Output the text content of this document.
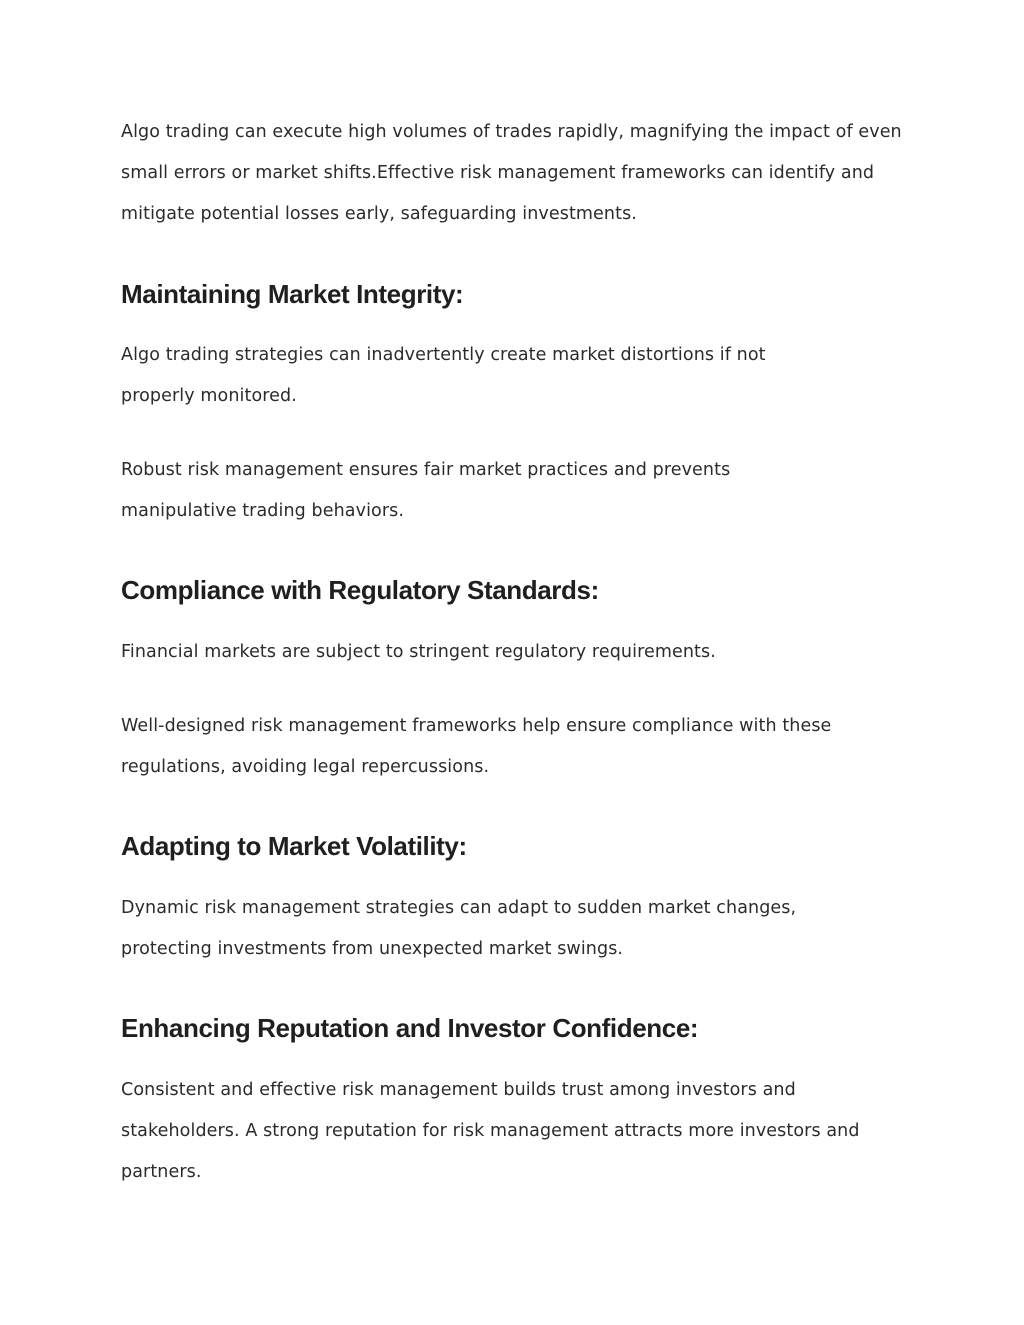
Algo trading can execute high volumes of trades rapidly, magnifying the impact of even small errors or market shifts.Effective risk management frameworks can identify and mitigate potential losses early, safeguarding investments.

Maintaining Market Integrity:

Algo trading strategies can inadvertently create market distortions if not properly monitored.

Robust risk management ensures fair market practices and prevents manipulative trading behaviors.

Compliance with Regulatory Standards:

Financial markets are subject to stringent regulatory requirements.

Well-designed risk management frameworks help ensure compliance with these regulations, avoiding legal repercussions.

Adapting to Market Volatility:

Dynamic risk management strategies can adapt to sudden market changes, protecting investments from unexpected market swings.

Enhancing Reputation and Investor Confidence:

Consistent and effective risk management builds trust among investors and stakeholders. A strong reputation for risk management attracts more investors and partners.
